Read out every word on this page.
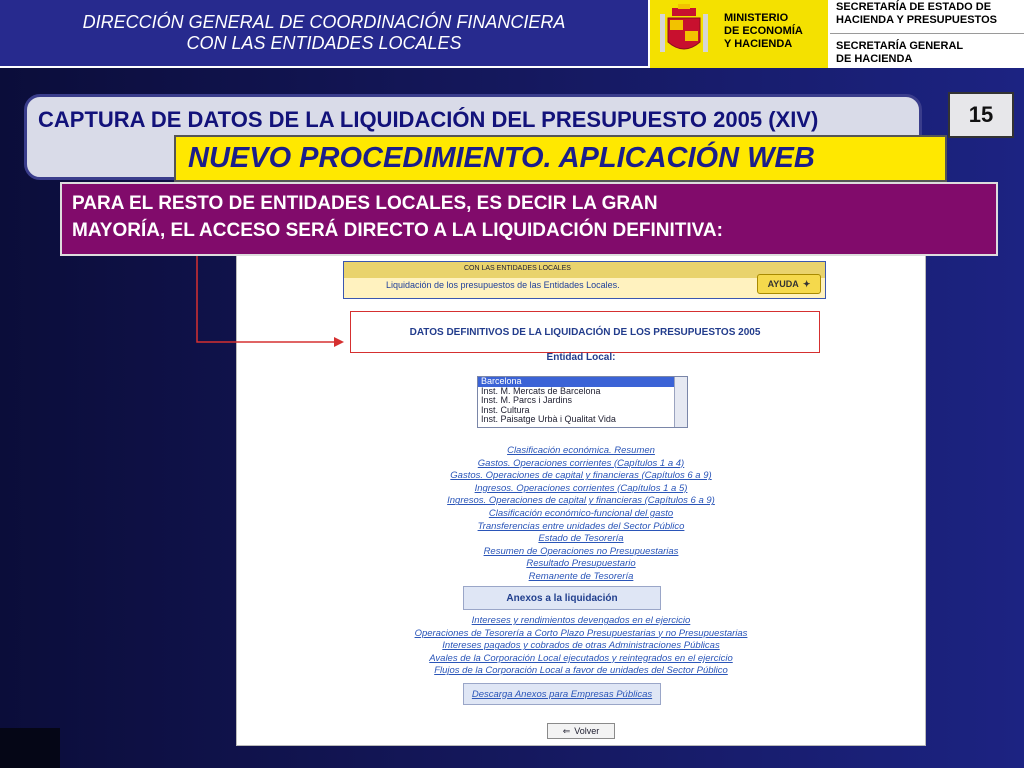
DIRECCIÓN GENERAL DE COORDINACIÓN FINANCIERA
CON LAS ENTIDADES LOCALES
MINISTERIO
DE ECONOMÍA
Y HACIENDA
SECRETARÍA DE ESTADO DE
HACIENDA Y PRESUPUESTOS
SECRETARÍA GENERAL
DE HACIENDA
CAPTURA DE DATOS DE LA LIQUIDACIÓN DEL PRESUPUESTO 2005 (XIV)	15
CON LAS ENTIDADES LOCALES
Liquidación de los presupuestos de las Entidades Locales.	AYUDA ✦
DATOS DEFINITIVOS DE LA LIQUIDACIÓN DE LOS PRESUPUESTOS 2005
Entidad Local:
Barcelona
Inst. M. Mercats de Barcelona
Inst. M. Parcs i Jardins
Inst. Cultura
Inst. Paisatge Urbà i Qualitat Vida
Clasificación económica. Resumen
Gastos. Operaciones corrientes (Capítulos 1 a 4)
Gastos. Operaciones de capital y financieras (Capítulos 6 a 9)
Ingresos. Operaciones corrientes (Capítulos 1 a 5)
Ingresos. Operaciones de capital y financieras (Capítulos 6 a 9)
Clasificación económico-funcional del gasto
Transferencias entre unidades del Sector Público
Estado de Tesorería
Resumen de Operaciones no Presupuestarias
Resultado Presupuestario
Remanente de Tesorería
Anexos a la liquidación
Intereses y rendimientos devengados en el ejercicio
Operaciones de Tesorería a Corto Plazo Presupuestarias y no Presupuestarias
Intereses pagados y cobrados de otras Administraciones Públicas
Avales de la Corporación Local ejecutados y reintegrados en el ejercicio
Flujos de la Corporación Local a favor de unidades del Sector Público
Descarga Anexos para Empresas Públicas
⇐ Volver
NUEVO PROCEDIMIENTO. APLICACIÓN WEB
PARA EL RESTO DE ENTIDADES LOCALES, ES DECIR LA GRAN
MAYORÍA, EL ACCESO SERÁ DIRECTO A LA LIQUIDACIÓN DEFINITIVA:
